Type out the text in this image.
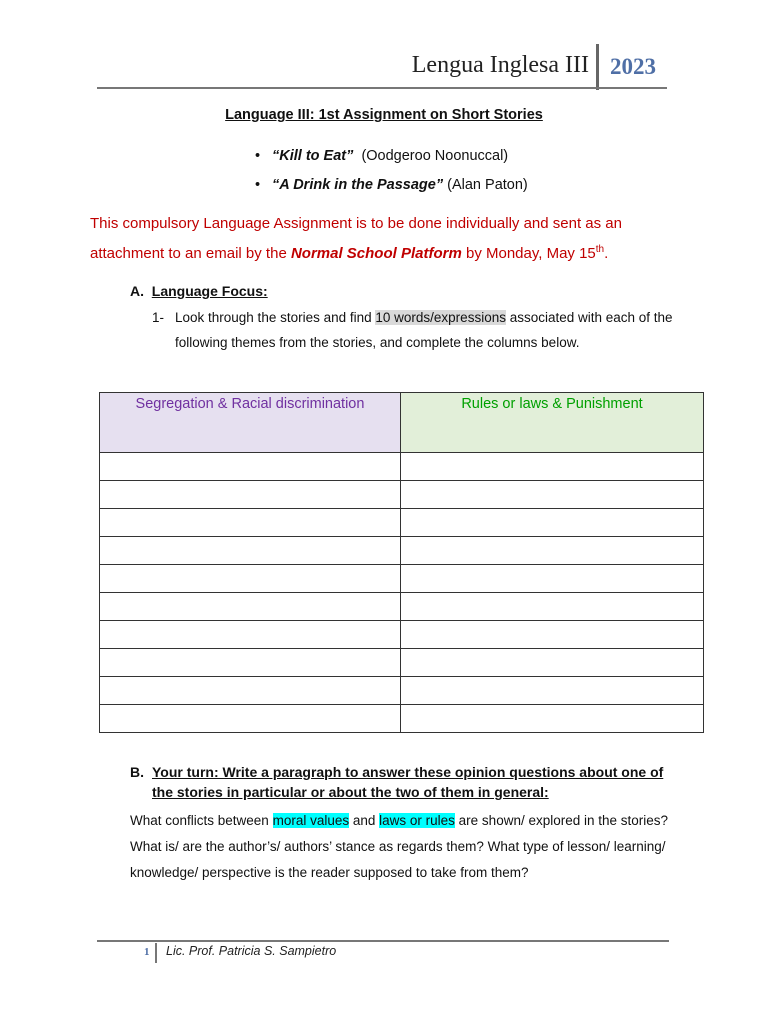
Lengua Inglesa III 2023
Language III: 1st Assignment on Short Stories
• “Kill to Eat” (Oodgeroo Noonuccal)
• “A Drink in the Passage” (Alan Paton)
This compulsory Language Assignment is to be done individually and sent as an attachment to an email by the Normal School Platform by Monday, May 15th.
A. Language Focus:
1- Look through the stories and find 10 words/expressions associated with each of the following themes from the stories, and complete the columns below.
Segregation & Racial discrimination	Rules or laws & Punishment

B. Your turn: Write a paragraph to answer these opinion questions about one of the stories in particular or about the two of them in general:
What conflicts between moral values and laws or rules are shown/ explored in the stories? What is/ are the author’s/ authors’ stance as regards them? What type of lesson/ learning/ knowledge/ perspective is the reader supposed to take from them?
1 Lic. Prof. Patricia S. Sampietro
